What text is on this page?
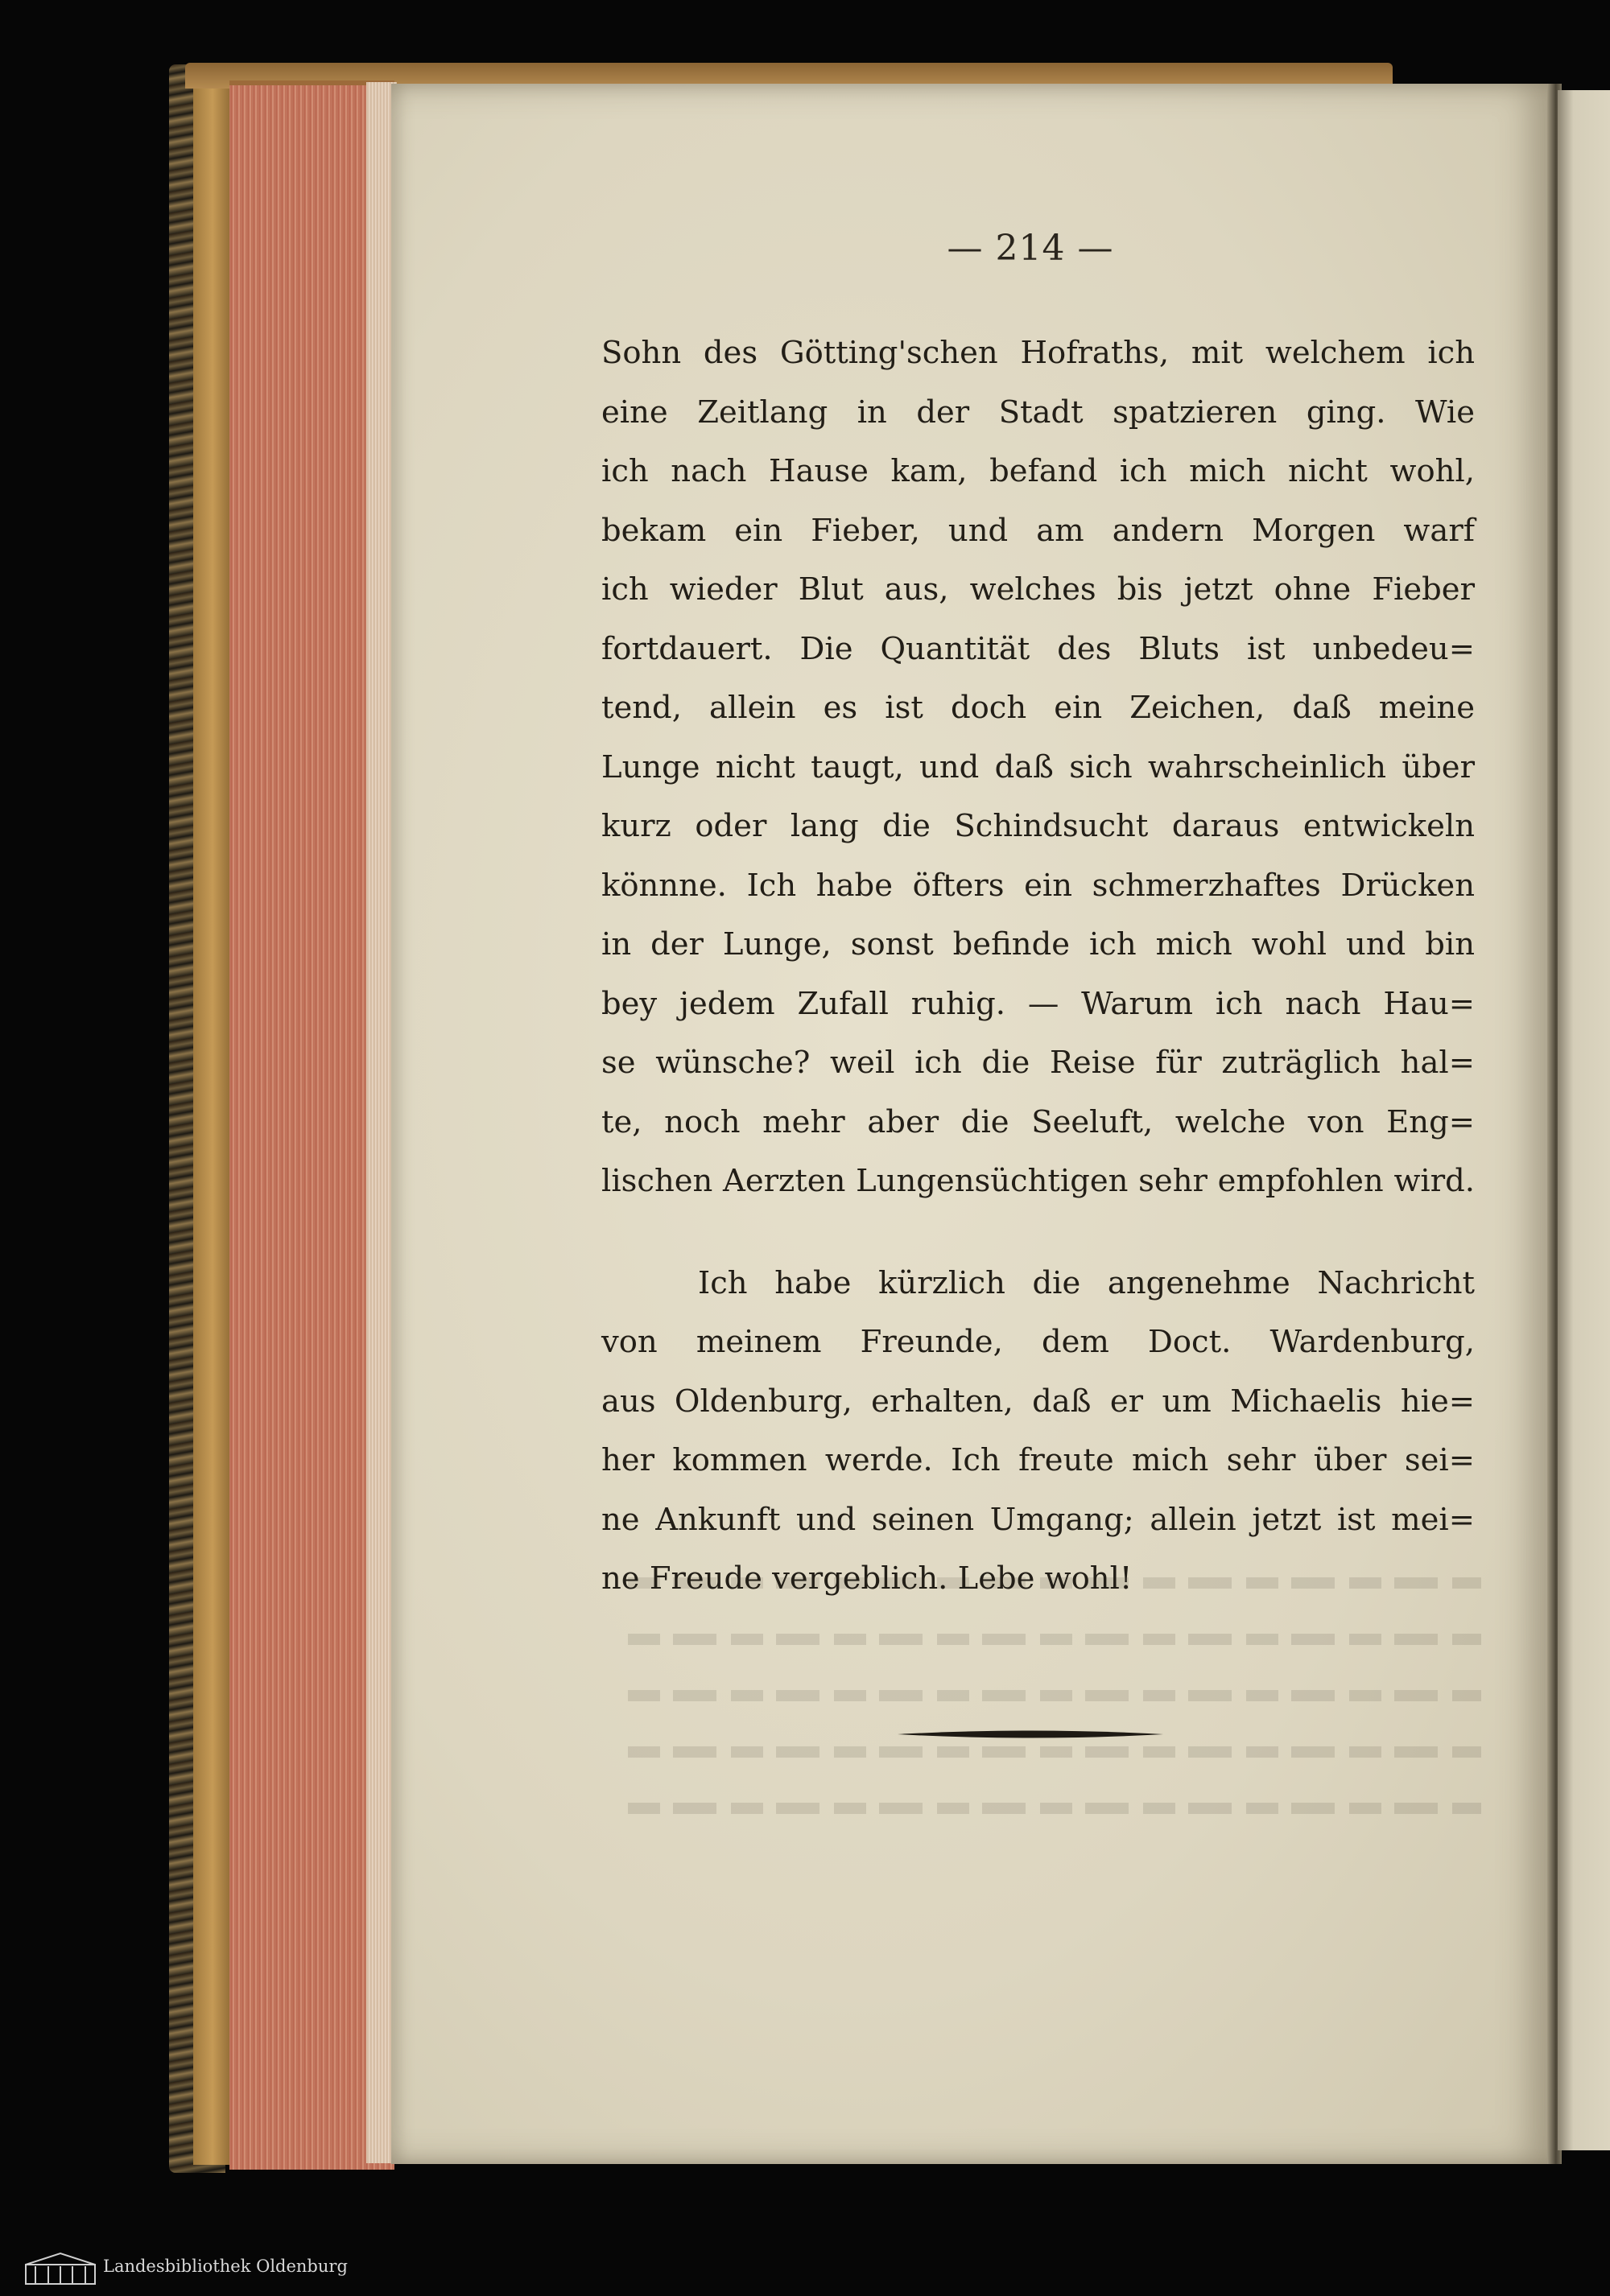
— 214 —
Sohn des Götting'schen Hofraths, mit welchem ich
eine Zeitlang in der Stadt spatzieren ging. Wie
ich nach Hause kam, befand ich mich nicht wohl,
bekam ein Fieber, und am andern Morgen warf
ich wieder Blut aus, welches bis jetzt ohne Fieber
fortdauert. Die Quantität des Bluts ist unbedeu=
tend, allein es ist doch ein Zeichen, daß meine
Lunge nicht taugt, und daß sich wahrscheinlich über
kurz oder lang die Schindsucht daraus entwickeln
könnne. Ich habe öfters ein schmerzhaftes Drücken
in der Lunge, sonst befinde ich mich wohl und bin
bey jedem Zufall ruhig. — Warum ich nach Hau=
se wünsche? weil ich die Reise für zuträglich hal=
te, noch mehr aber die Seeluft, welche von Eng=
lischen Aerzten Lungensüchtigen sehr empfohlen wird.
Ich habe kürzlich die angenehme Nachricht
von meinem Freunde, dem Doct. Wardenburg,
aus Oldenburg, erhalten, daß er um Michaelis hie=
her kommen werde. Ich freute mich sehr über sei=
ne Ankunft und seinen Umgang; allein jetzt ist mei=
ne Freude vergeblich. Lebe wohl!
Landesbibliothek Oldenburg
